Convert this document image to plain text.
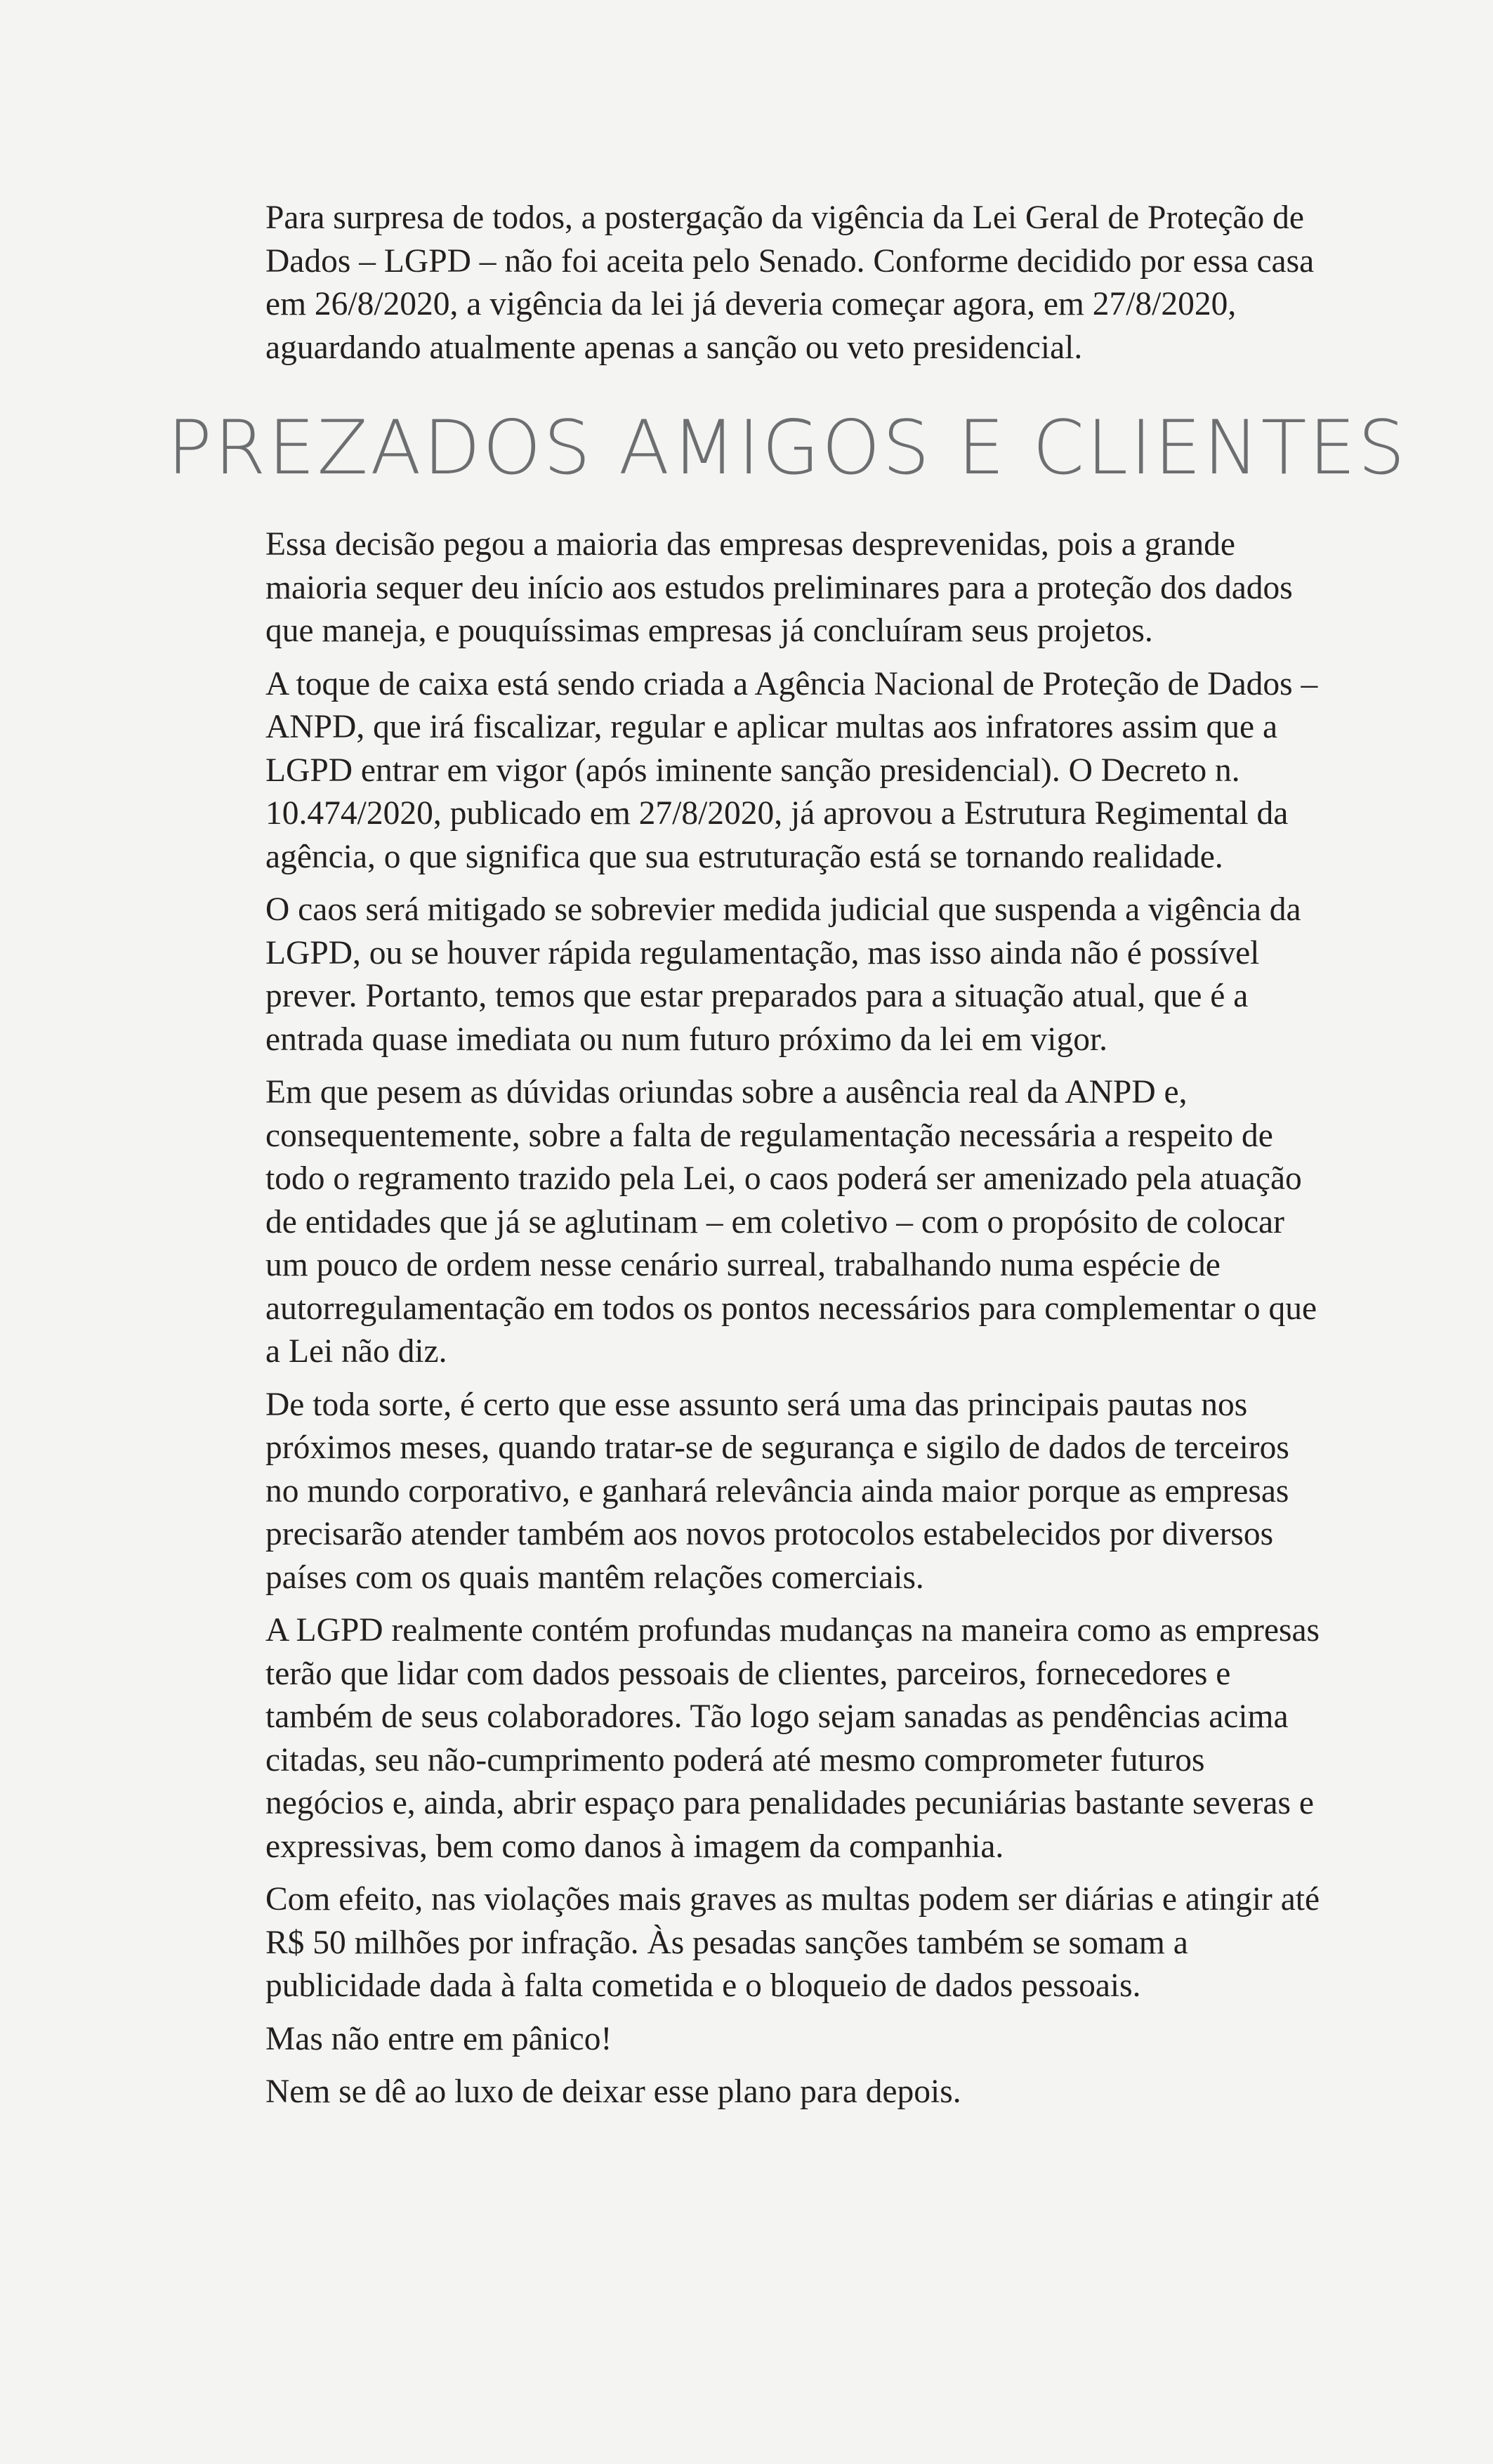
Para surpresa de todos, a postergação da vigência da Lei Geral de Proteção de Dados – LGPD – não foi aceita pelo Senado. Conforme decidido por essa casa em 26/8/2020, a vigência da lei já deveria começar agora, em 27/8/2020, aguardando atualmente apenas a sanção ou veto presidencial.

PREZADOS AMIGOS E CLIENTES

Essa decisão pegou a maioria das empresas desprevenidas, pois a grande maioria sequer deu início aos estudos preliminares para a proteção dos dados que maneja, e pouquíssimas empresas já concluíram seus projetos.

A toque de caixa está sendo criada a Agência Nacional de Proteção de Dados – ANPD, que irá fiscalizar, regular e aplicar multas aos infratores assim que a LGPD entrar em vigor (após iminente sanção presidencial). O Decreto n. 10.474/2020, publicado em 27/8/2020, já aprovou a Estrutura Regimental da agência, o que significa que sua estruturação está se tornando realidade.

O caos será mitigado se sobrevier medida judicial que suspenda a vigência da LGPD, ou se houver rápida regulamentação, mas isso ainda não é possível prever. Portanto, temos que estar preparados para a situação atual, que é a entrada quase imediata ou num futuro próximo da lei em vigor.

Em que pesem as dúvidas oriundas sobre a ausência real da ANPD e, consequentemente, sobre a falta de regulamentação necessária a respeito de todo o regramento trazido pela Lei, o caos poderá ser amenizado pela atuação de entidades que já se aglutinam – em coletivo – com o propósito de colocar um pouco de ordem nesse cenário surreal, trabalhando numa espécie de autorregulamentação em todos os pontos necessários para complementar o que a Lei não diz.

De toda sorte, é certo que esse assunto será uma das principais pautas nos próximos meses, quando tratar-se de segurança e sigilo de dados de terceiros no mundo corporativo, e ganhará relevância ainda maior porque as empresas precisarão atender também aos novos protocolos estabelecidos por diversos países com os quais mantêm relações comerciais.

A LGPD realmente contém profundas mudanças na maneira como as empresas terão que lidar com dados pessoais de clientes, parceiros, fornecedores e também de seus colaboradores. Tão logo sejam sanadas as pendências acima citadas, seu não-cumprimento poderá até mesmo comprometer futuros negócios e, ainda, abrir espaço para penalidades pecuniárias bastante severas e expressivas, bem como danos à imagem da companhia.

Com efeito, nas violações mais graves as multas podem ser diárias e atingir até R$ 50 milhões por infração. Às pesadas sanções também se somam a publicidade dada à falta cometida e o bloqueio de dados pessoais.

Mas não entre em pânico!

Nem se dê ao luxo de deixar esse plano para depois.
